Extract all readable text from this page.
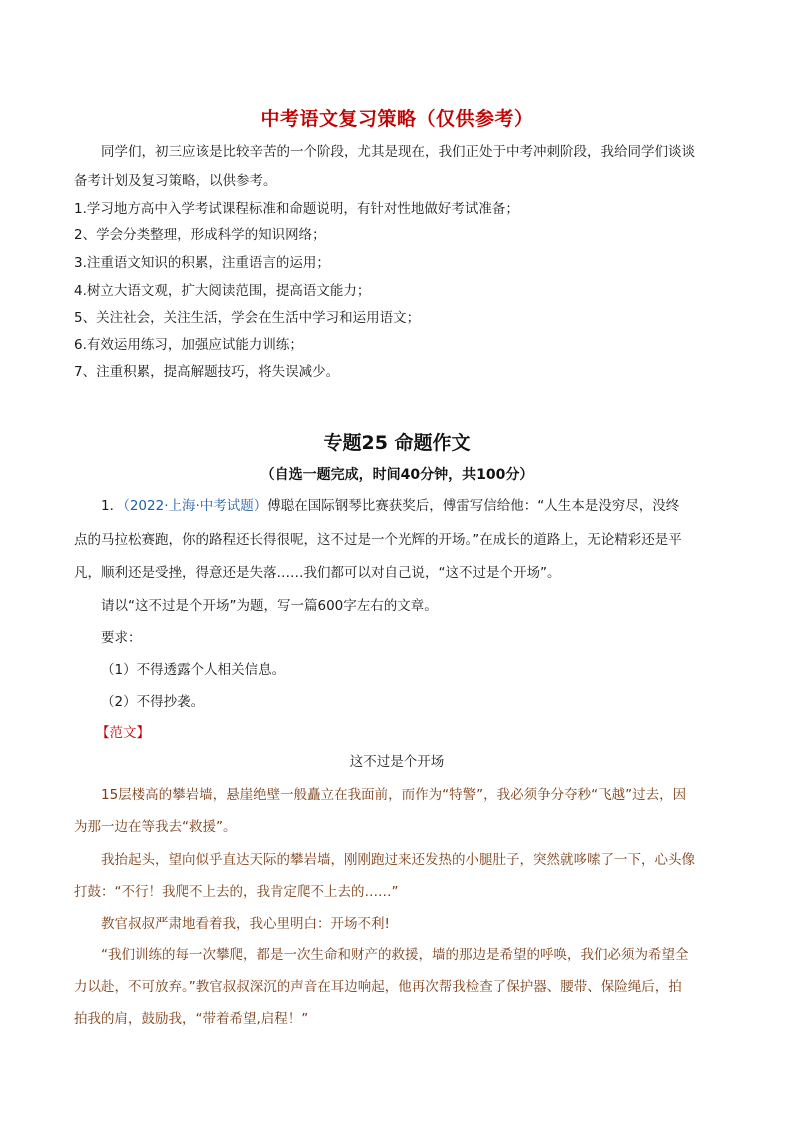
中考语文复习策略（仅供参考）
同学们，初三应该是比较辛苦的一个阶段，尤其是现在，我们正处于中考冲刺阶段，我给同学们谈谈
备考计划及复习策略，以供参考。
1.学习地方高中入学考试课程标准和命题说明，有针对性地做好考试准备；
2、学会分类整理，形成科学的知识网络；
3.注重语文知识的积累，注重语言的运用；
4.树立大语文观，扩大阅读范围，提高语文能力；
5、关注社会，关注生活，学会在生活中学习和运用语文；
6.有效运用练习，加强应试能力训练；
7、注重积累，提高解题技巧，将失误减少。
专题25 命题作文
（自选一题完成，时间40分钟，共100分）
1．（2022·上海·中考试题）傅聪在国际钢琴比赛获奖后，傅雷写信给他：“人生本是没穷尽，没终
点的马拉松赛跑，你的路程还长得很呢，这不过是一个光辉的开场。”在成长的道路上，无论精彩还是平
凡，顺利还是受挫，得意还是失落……我们都可以对自己说，“这不过是个开场”。
请以“这不过是个开场”为题，写一篇600字左右的文章。
要求：
（1）不得透露个人相关信息。
（2）不得抄袭。
【范文】
这不过是个开场
15层楼高的攀岩墙，悬崖绝壁一般矗立在我面前，而作为“特警”，我必须争分夺秒“飞越”过去，因
为那一边在等我去“救援”。
我抬起头，望向似乎直达天际的攀岩墙，刚刚跑过来还发热的小腿肚子，突然就哆嗦了一下，心头像
打鼓：“不行！我爬不上去的，我肯定爬不上去的……”
教官叔叔严肃地看着我，我心里明白：开场不利!
“我们训练的每一次攀爬，都是一次生命和财产的救援，墙的那边是希望的呼唤，我们必须为希望全
力以赴，不可放弃。”教官叔叔深沉的声音在耳边响起，他再次帮我检查了保护器、腰带、保险绳后，拍
拍我的肩，鼓励我，“带着希望,启程！”
